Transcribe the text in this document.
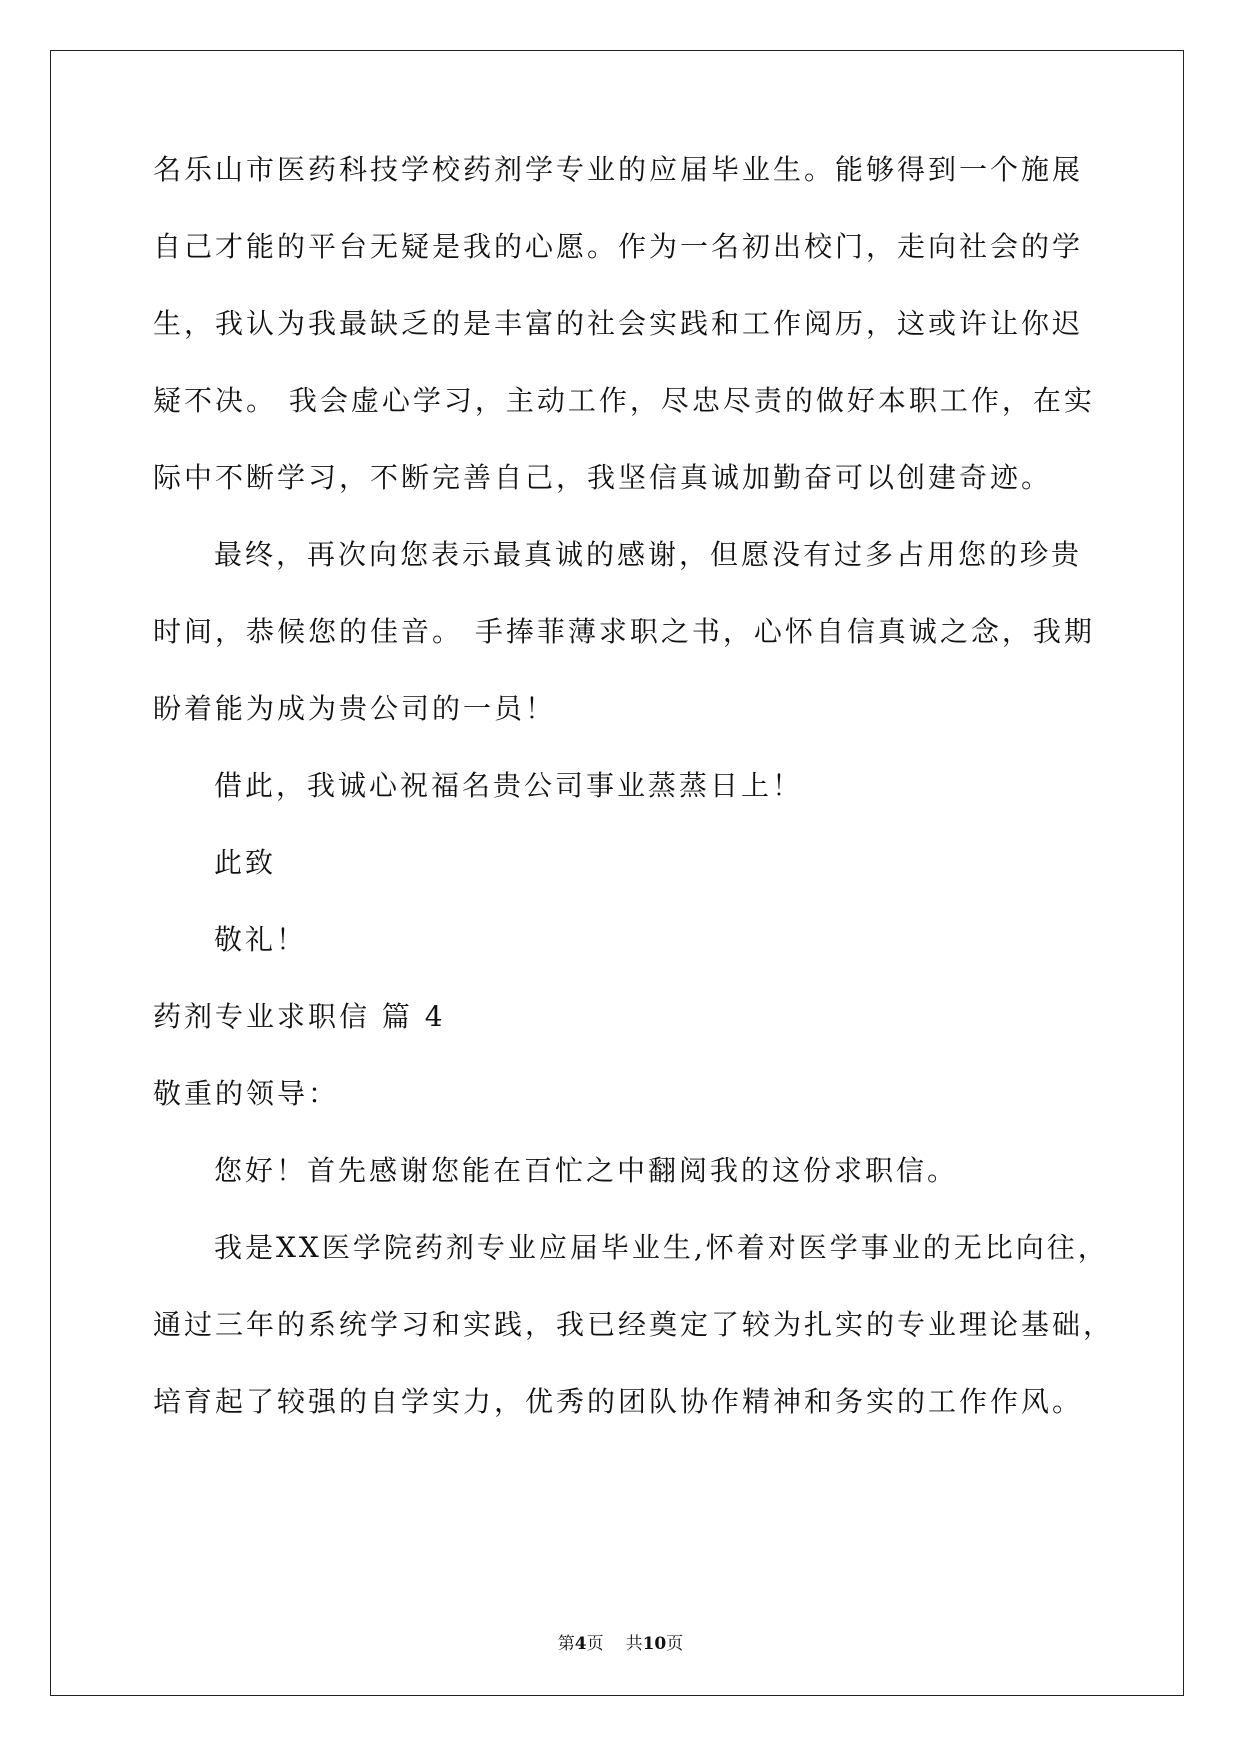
名乐山市医药科技学校药剂学专业的应届毕业生。能够得到一个施展
自己才能的平台无疑是我的心愿。作为一名初出校门，走向社会的学
生，我认为我最缺乏的是丰富的社会实践和工作阅历，这或许让你迟
疑不决。 我会虚心学习，主动工作，尽忠尽责的做好本职工作，在实
际中不断学习，不断完善自己，我坚信真诚加勤奋可以创建奇迹。
最终，再次向您表示最真诚的感谢，但愿没有过多占用您的珍贵
时间，恭候您的佳音。 手捧菲薄求职之书，心怀自信真诚之念，我期
盼着能为成为贵公司的一员！
借此，我诚心祝福名贵公司事业蒸蒸日上！
此致
敬礼！
药剂专业求职信 篇 4
敬重的领导：
您好！首先感谢您能在百忙之中翻阅我的这份求职信。
我是XX医学院药剂专业应届毕业生,怀着对医学事业的无比向往，
通过三年的系统学习和实践，我已经奠定了较为扎实的专业理论基础，
培育起了较强的自学实力，优秀的团队协作精神和务实的工作作风。
第4页 共10页
